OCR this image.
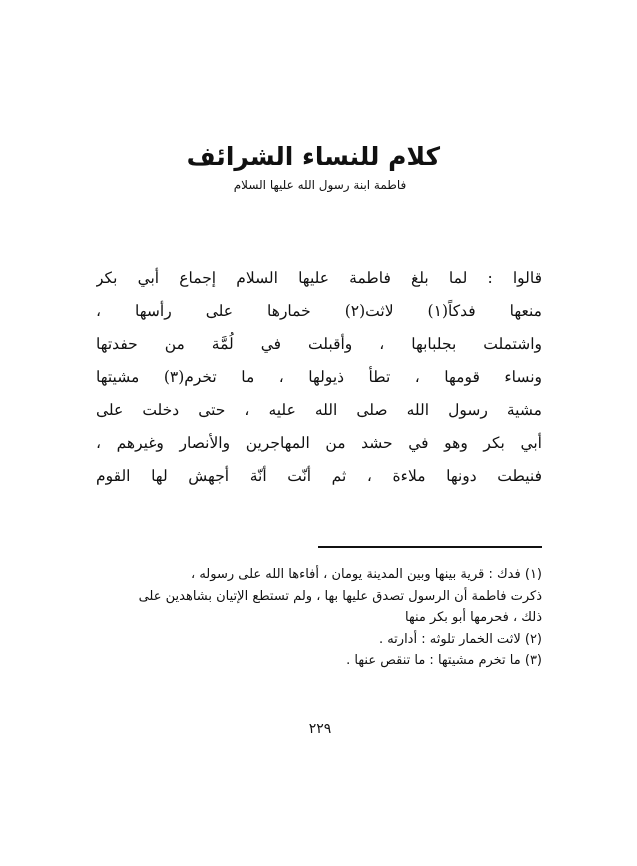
كلام للنساء الشرائف
فاطمة ابنة رسول الله عليها السلام
قالوا : لما بلغ فاطمة عليها السلام إجماع أبي بكر
منعها فدكاً(١) لاثت(٢) خمارها على رأسها ،
واشتملت بجلبابها ، وأقبلت في لُمَّة من حفدتها
ونساء قومها ، تطأ ذيولها ، ما تخرم(٣) مشيتها
مشية رسول الله صلى الله عليه ، حتى دخلت على
أبي بكر وهو في حشد من المهاجرين والأنصار وغيرهم ،
فنيطت دونها ملاءة ، ثم أنّت أنّة أجهش لها القوم
(١) فدك : قرية بينها وبين المدينة يومان ، أفاءها الله على رسوله ،
ذكرت فاطمة أن الرسول تصدق عليها بها ، ولم تستطع الإتيان بشاهدين على
ذلك ، فحرمها أبو بكر منها
(٢) لاثت الخمار تلوثه : أدارته .
(٣) ما تخرم مشيتها : ما تنقص عنها .
٢٢٩
